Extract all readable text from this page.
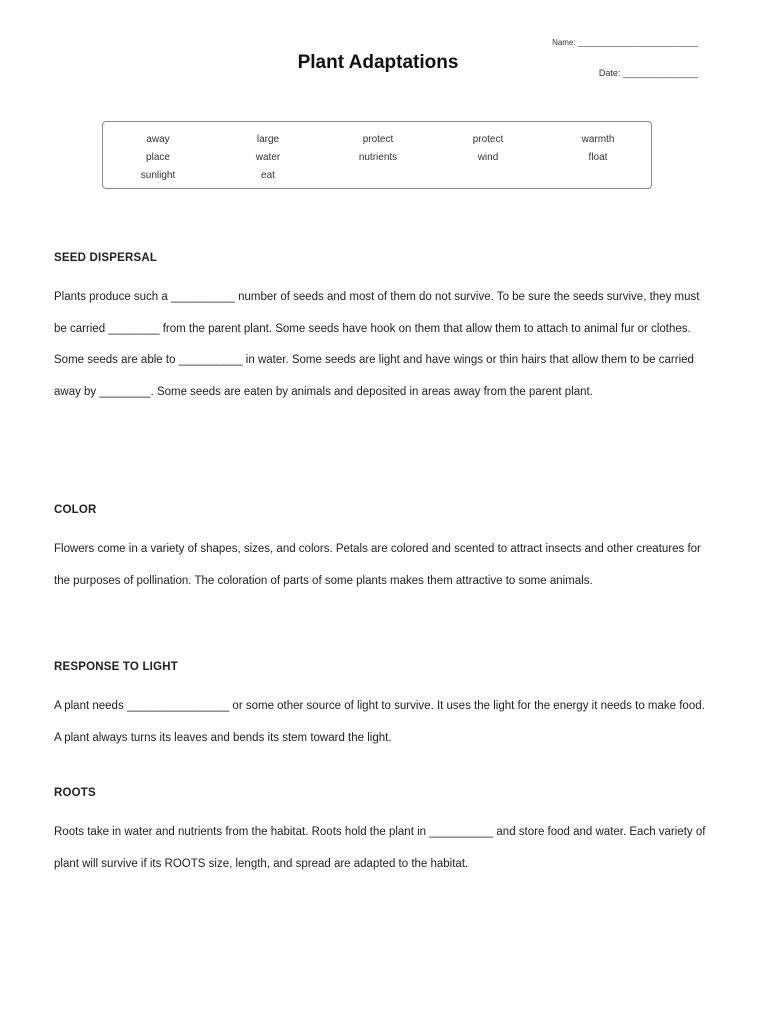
Name: ___________________________
Plant Adaptations	Date: _______________
away	large	protect	protect	warmth
place	water	nutrients	wind	float
sunlight	eat
SEED DISPERSAL

Plants produce such a __________ number of seeds and most of them do not survive. To be sure the seeds survive, they must be carried ________ from the parent plant. Some seeds have hook on them that allow them to attach to animal fur or clothes.

Some seeds are able to __________ in water. Some seeds are light and have wings or thin hairs that allow them to be carried away by ________. Some seeds are eaten by animals and deposited in areas away from the parent plant.

COLOR

Flowers come in a variety of shapes, sizes, and colors. Petals are colored and scented to attract insects and other creatures for the purposes of pollination. The coloration of parts of some plants makes them attractive to some animals.

RESPONSE TO LIGHT

A plant needs ________________ or some other source of light to survive. It uses the light for the energy it needs to make food. A plant always turns its leaves and bends its stem toward the light.

ROOTS

Roots take in water and nutrients from the habitat. Roots hold the plant in __________ and store food and water. Each variety of plant will survive if its ROOTS size, length, and spread are adapted to the habitat.
